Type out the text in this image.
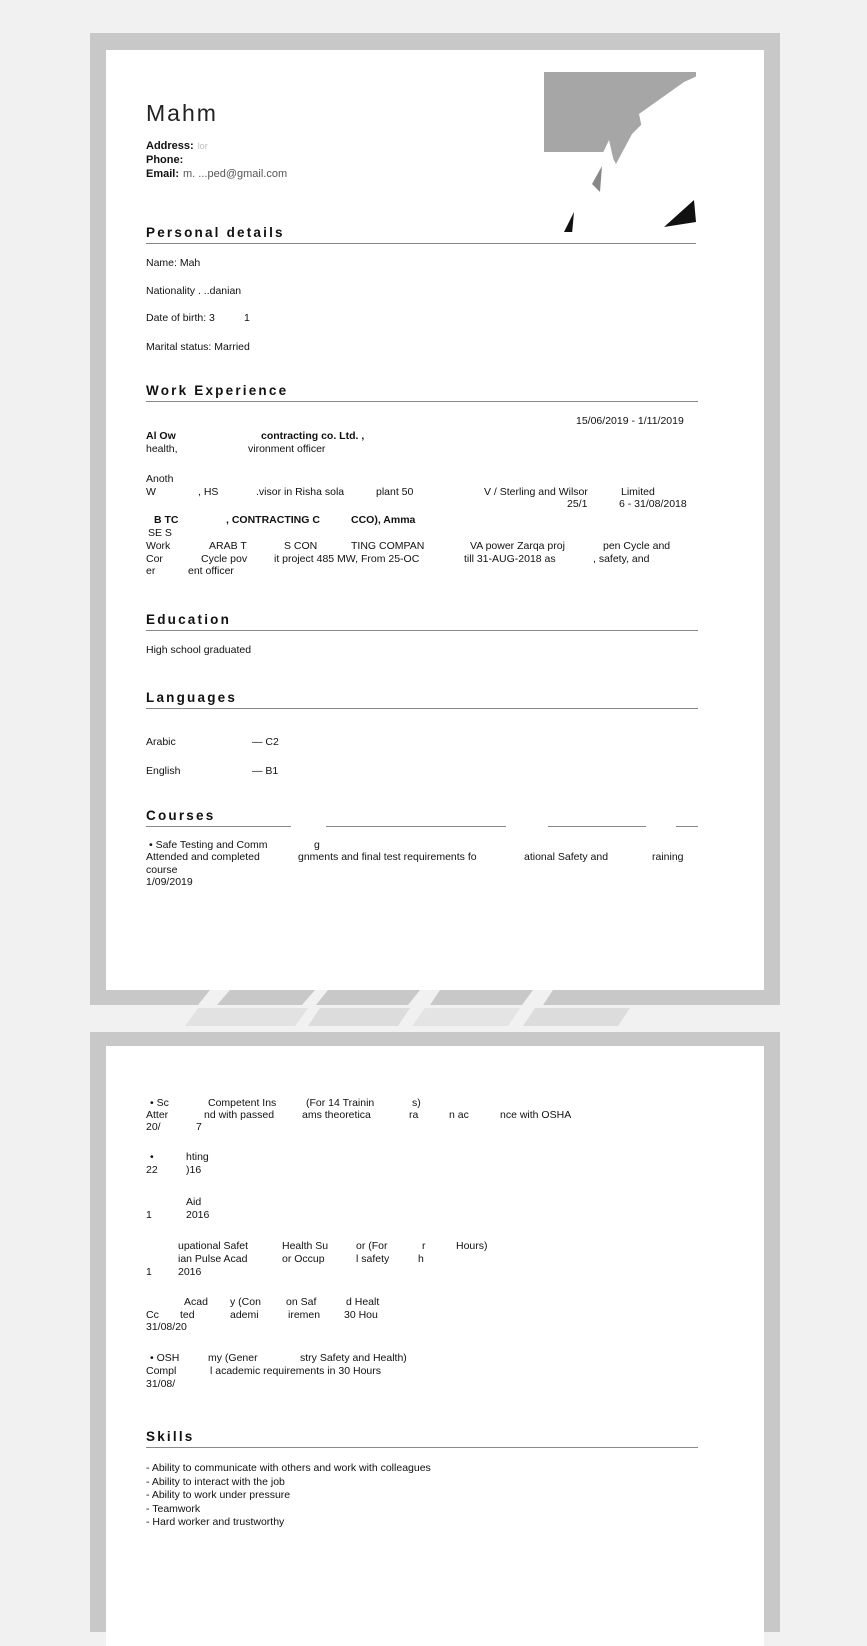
Mahm
Address: lor
Phone:
Email: m. ...ped@gmail.com
Personal details
Name: Mah
Nationality . ..danian
Date of birth: 3	1
Marital status: Married
Work Experience
15/06/2019 - 1/11/2019
Al Ow	contracting co. Ltd. ,
health,	vironment officer
Anoth
W	, HS	.visor in Risha sola	plant 50	V / Sterling and Wilsor	Limited
25/1	6 - 31/08/2018
B TC	, CONTRACTING C	CCO), Amma
SE S
Work	ARAB T	S CON	TING COMPAN	VA power Zarqa proj	pen Cycle and
Cor	Cycle pov	it project 485 MW, From 25-OC	till 31-AUG-2018 as	, safety, and
er	ent officer
Education
High school graduated
Languages
Arabic	— C2
English	— B1
Courses
• Safe Testing and Comm	g
Attended and completed	gnments and final test requirements fo	ational Safety and	raining
course
1/09/2019
• Sc	Competent Ins	(For 14 Trainin	s)
Atter	nd with passed	ams theoretica	ra	n ac	nce with OSHA
20/	7
•	hting
22	)16
Aid
1	2016
upational Safet	Health Su	or (For	r	Hours)
ian Pulse Acad	or Occup	l safety	h
1 2016
Acad y (Con on Saf	d Healt
Cc ted	ademi	iremen 30 Hou
31/08/20
• OSH	my (Gener	stry Safety and Health)
Compl	l academic requirements in 30 Hours
31/08/
Skills
- Ability to communicate with others and work with colleagues
- Ability to interact with the job
- Ability to work under pressure
- Teamwork
- Hard worker and trustworthy
